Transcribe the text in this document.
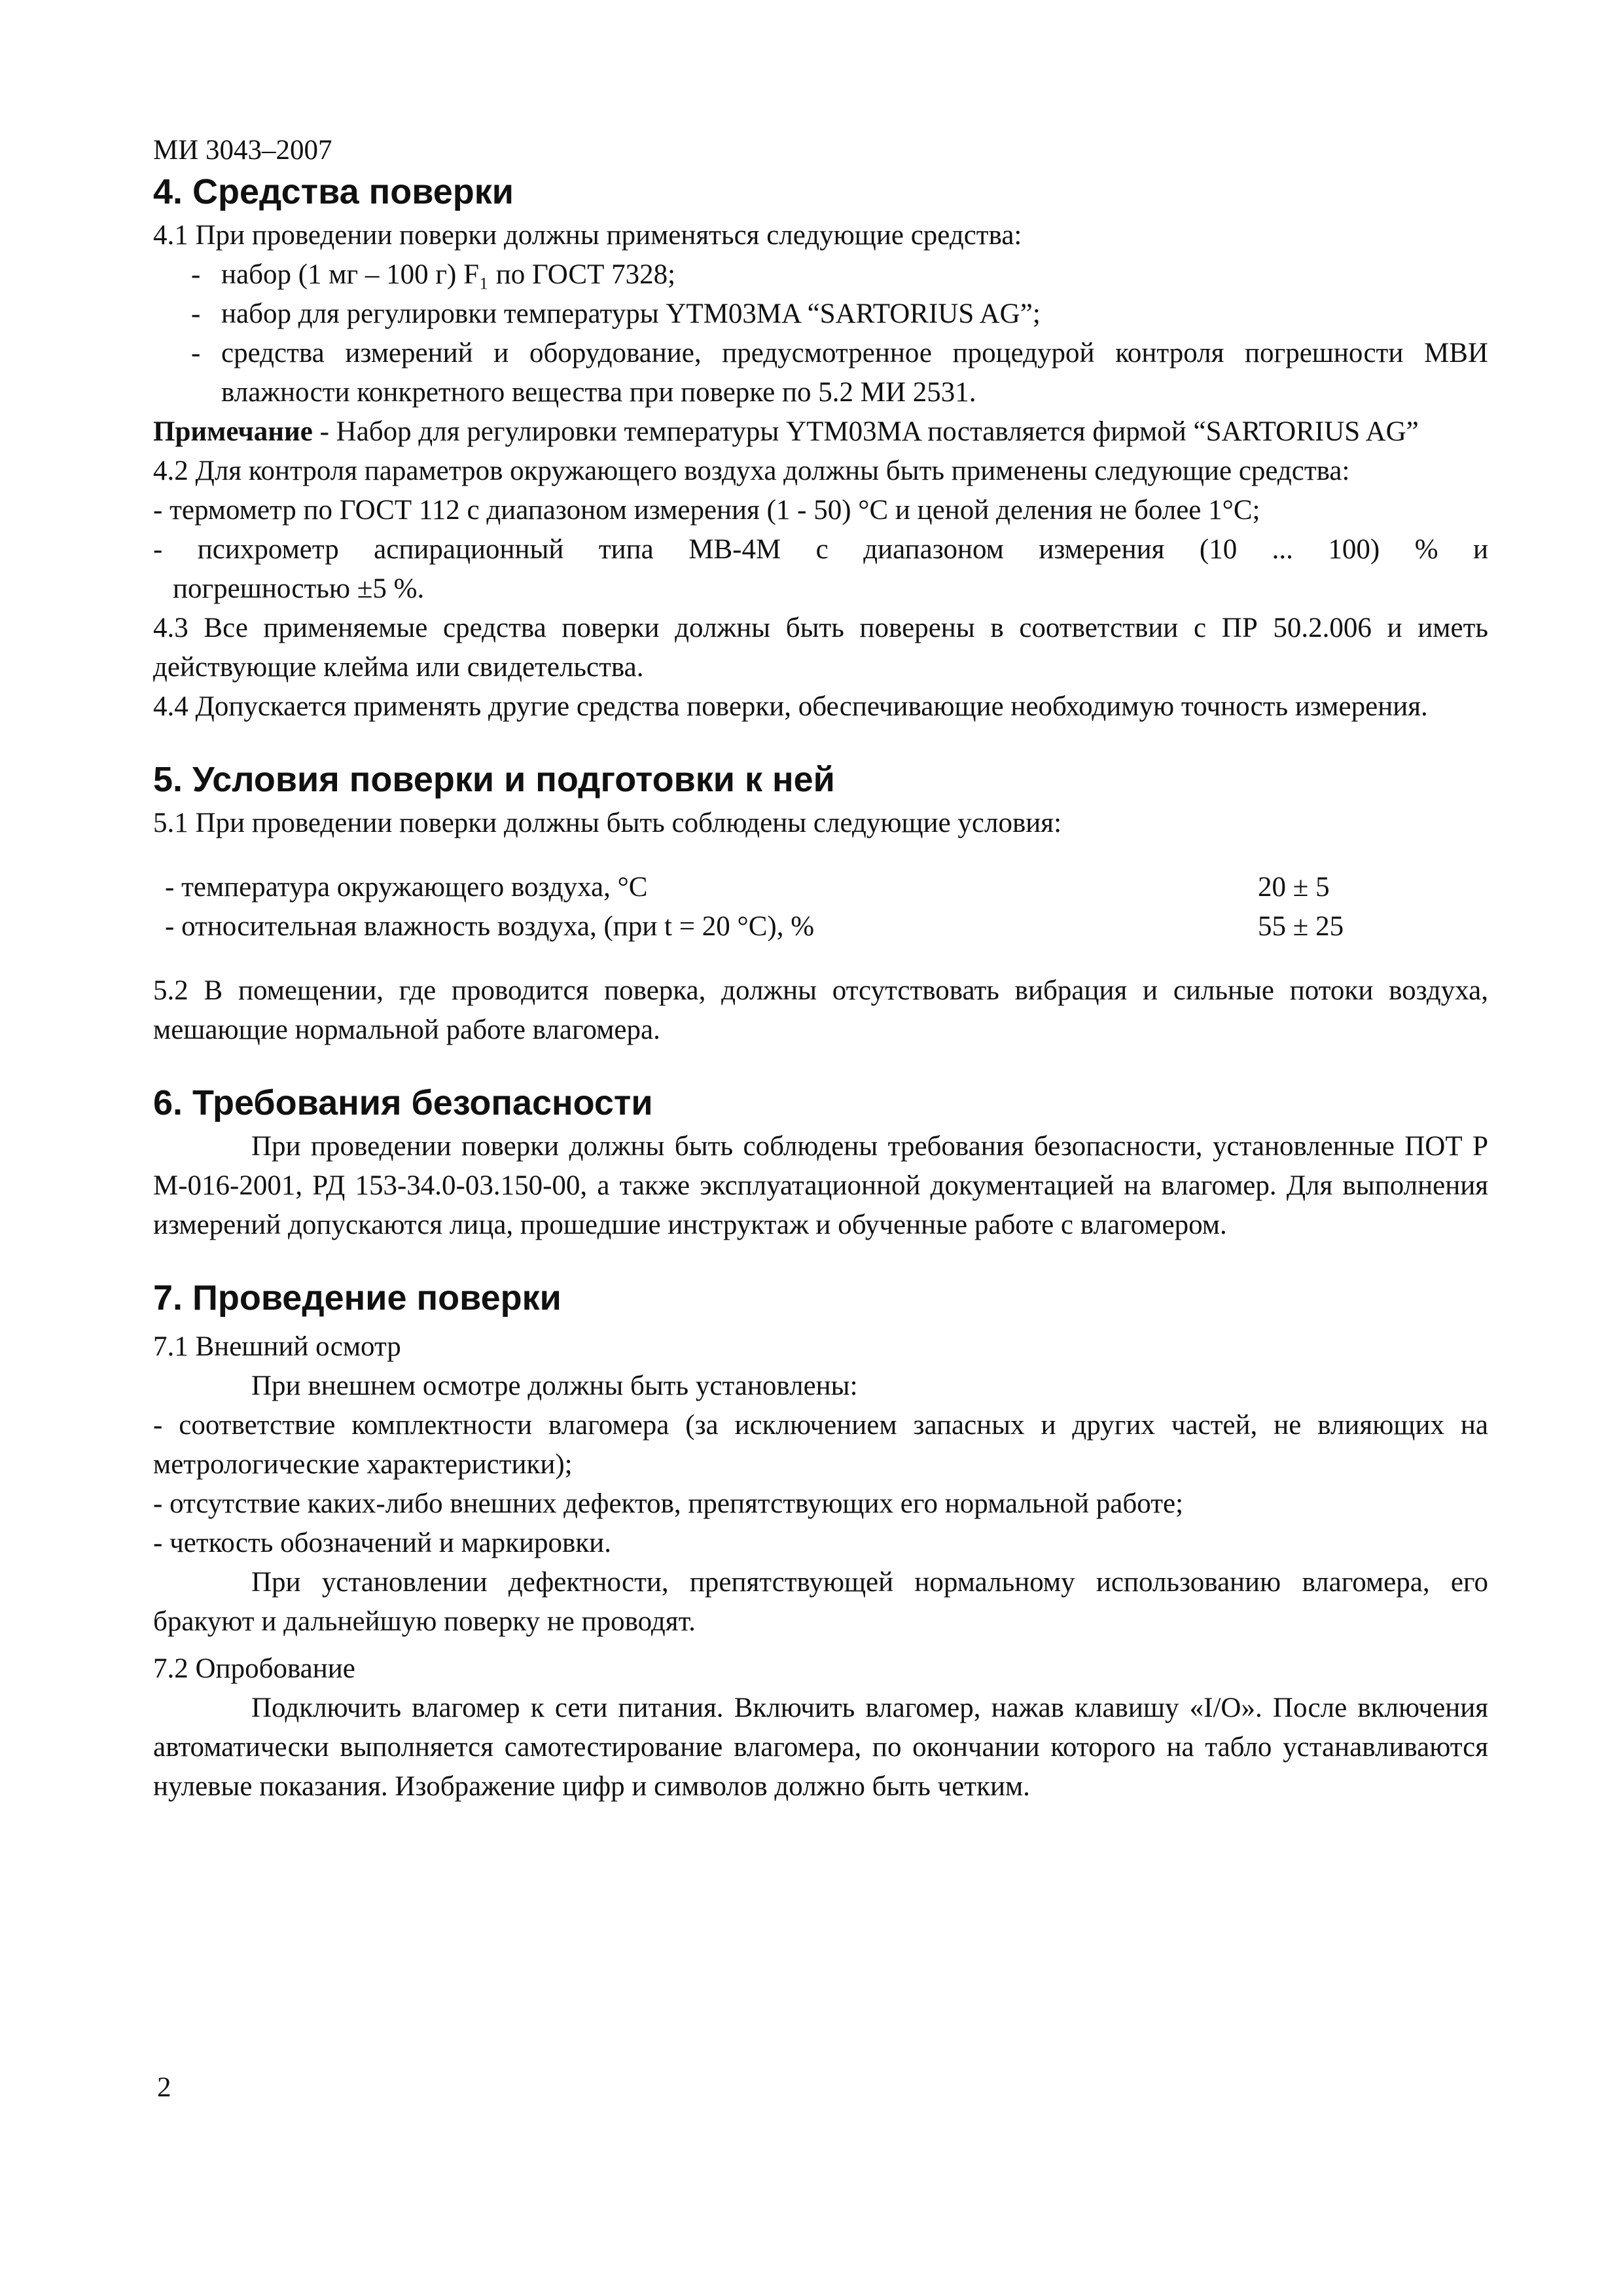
МИ 3043–2007

4. Средства поверки

4.1 При проведении поверки должны применяться следующие средства:

- набор (1 мг – 100 г) F₁ по ГОСТ 7328;
- набор для регулировки температуры YTM03MA “SARTORIUS AG”;
- средства измерений и оборудование, предусмотренное процедурой контроля погрешности МВИ влажности конкретного вещества при поверке по 5.2 МИ 2531.

Примечание - Набор для регулировки температуры YTM03MA поставляется фирмой “SARTORIUS AG”

4.2 Для контроля параметров окружающего воздуха должны быть применены следующие средства:

- термометр по ГОСТ 112 с диапазоном измерения (1 - 50) °С и ценой деления не более 1°С;

- психрометр аспирационный типа МВ-4М с диапазоном измерения (10 ... 100) % и

погрешностью ±5 %.

4.3 Все применяемые средства поверки должны быть поверены в соответствии с ПР 50.2.006 и иметь действующие клейма или свидетельства.

4.4 Допускается применять другие средства поверки, обеспечивающие необходимую точность измерения.

5. Условия поверки и подготовки к ней

5.1 При проведении поверки должны быть соблюдены следующие условия:

- температура окружающего воздуха, °С	20 ± 5
- относительная влажность воздуха, (при t = 20 °С), %	55 ± 25

5.2 В помещении, где проводится поверка, должны отсутствовать вибрация и сильные потоки воздуха, мешающие нормальной работе влагомера.

6. Требования безопасности

При проведении поверки должны быть соблюдены требования безопасности, установленные ПОТ Р М-016-2001, РД 153-34.0-03.150-00, а также эксплуатационной документацией на влагомер. Для выполнения измерений допускаются лица, прошедшие инструктаж и обученные работе с влагомером.

7. Проведение поверки

7.1 Внешний осмотр

При внешнем осмотре должны быть установлены:

- соответствие комплектности влагомера (за исключением запасных и других частей, не влияющих на метрологические характеристики);

- отсутствие каких-либо внешних дефектов, препятствующих его нормальной работе;

- четкость обозначений и маркировки.

При установлении дефектности, препятствующей нормальному использованию влагомера, его бракуют и дальнейшую поверку не проводят.

7.2 Опробование

Подключить влагомер к сети питания. Включить влагомер, нажав клавишу «I/O». После включения автоматически выполняется самотестирование влагомера, по окончании которого на табло устанавливаются нулевые показания. Изображение цифр и символов должно быть четким.

2
